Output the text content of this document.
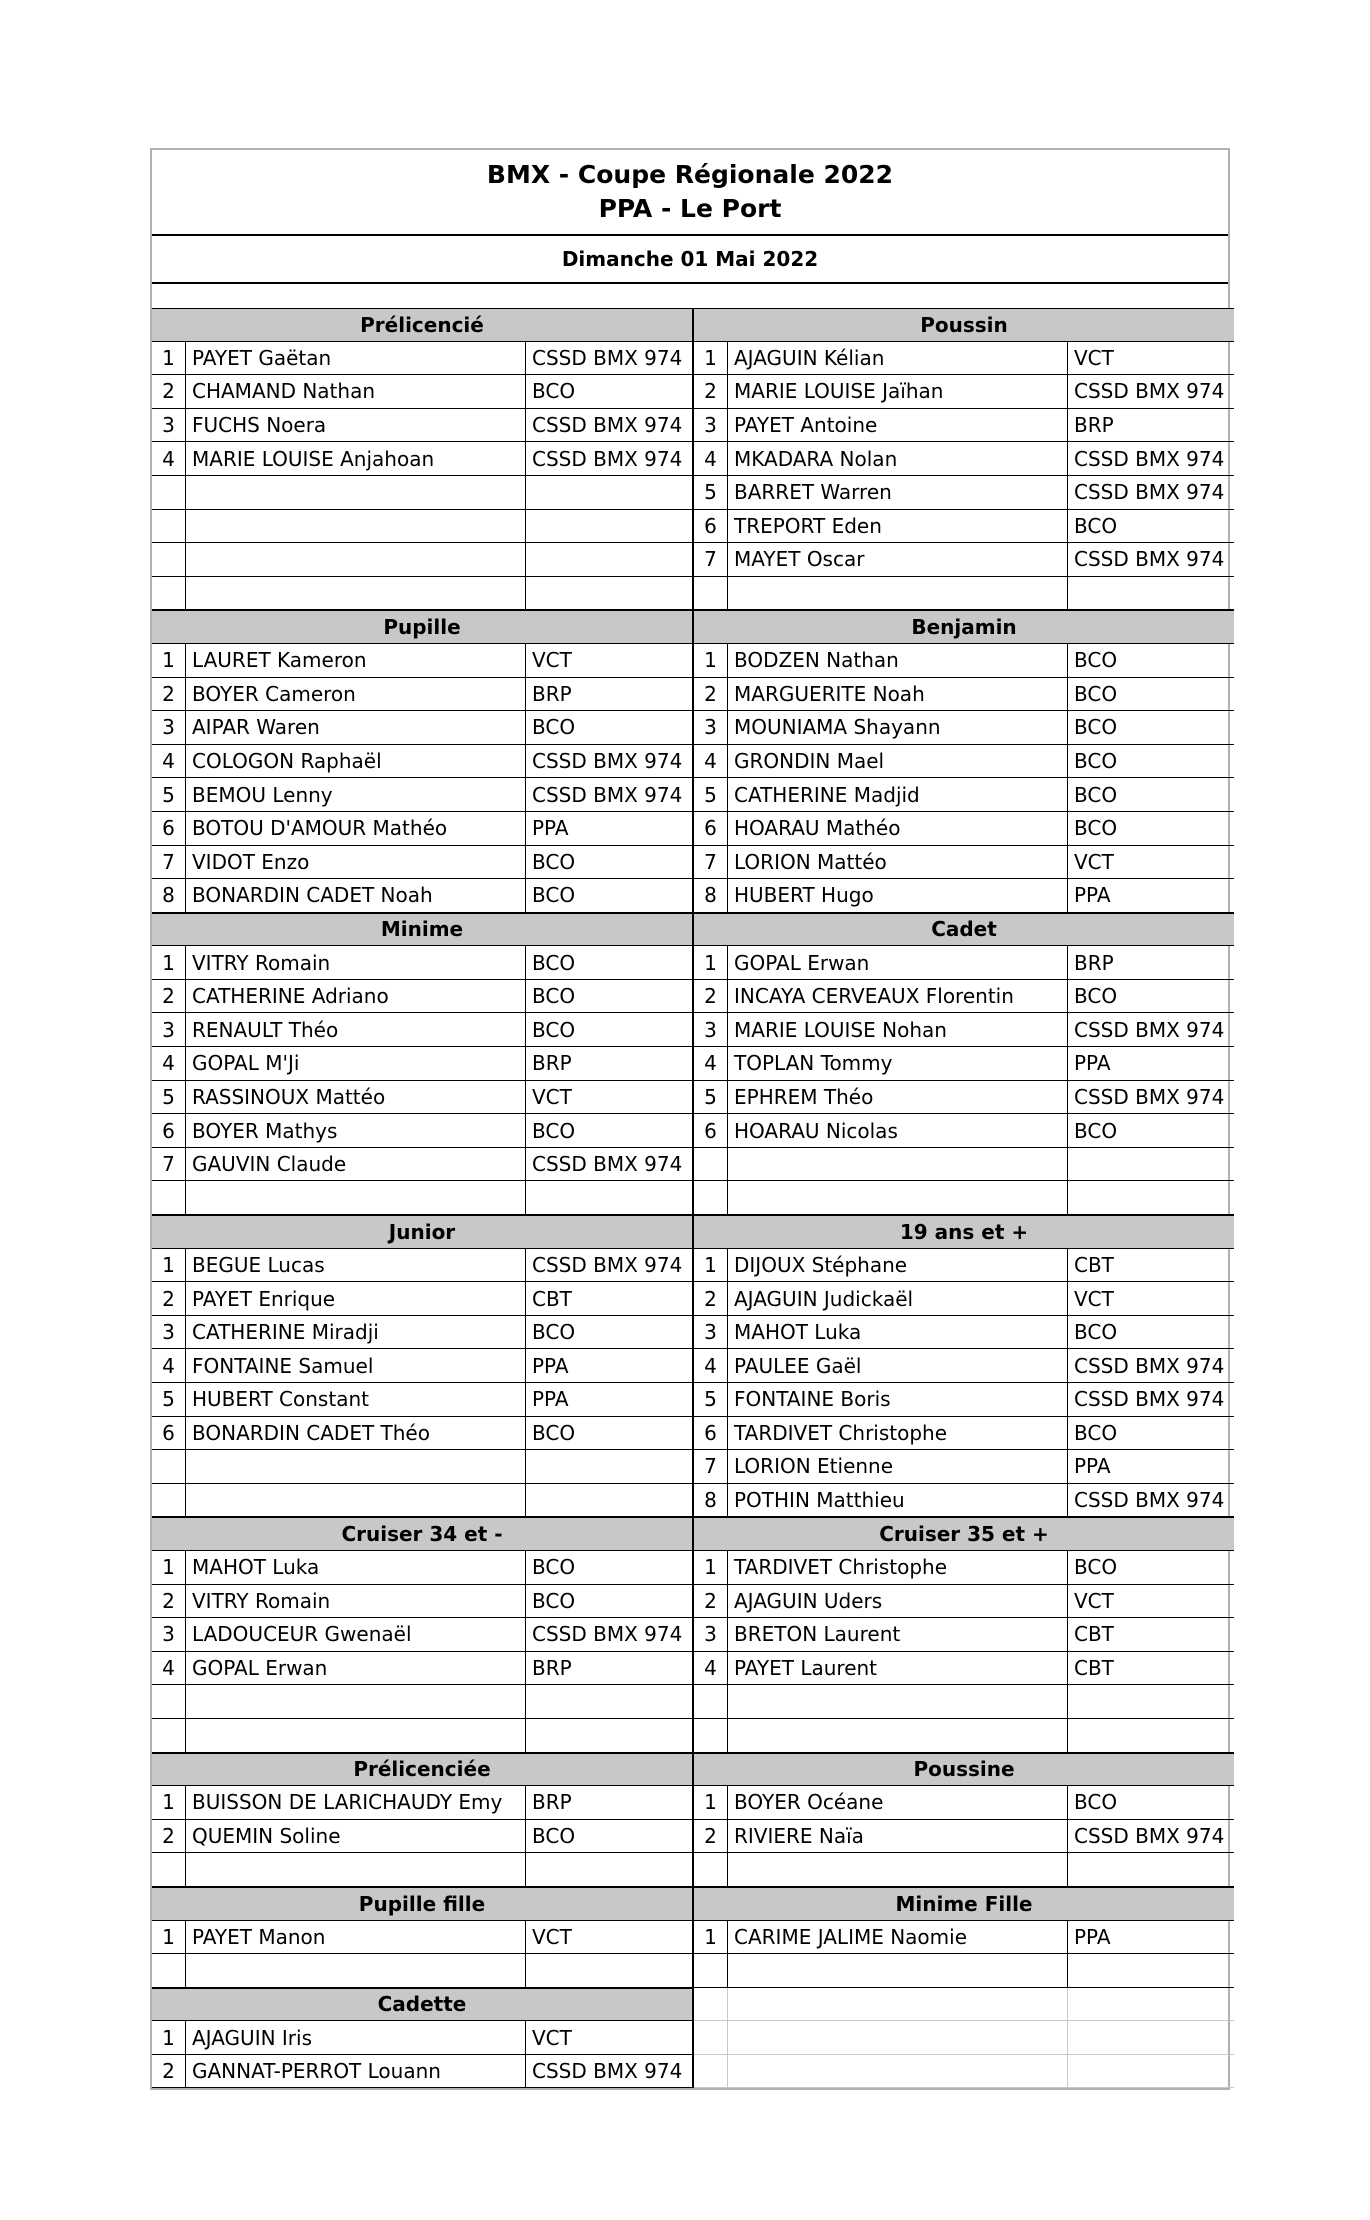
BMX - Coupe Régionale 2022
PPA - Le Port
Dimanche 01 Mai 2022
Prélicencié
1 PAYET Gaëtan	CSSD BMX 974
2 CHAMAND Nathan	BCO
3 FUCHS Noera	CSSD BMX 974
4 MARIE LOUISE Anjahoan	CSSD BMX 974
Pupille
1 LAURET Kameron	VCT
2 BOYER Cameron	BRP
3 AIPAR Waren	BCO
4 COLOGON Raphaël	CSSD BMX 974
5 BEMOU Lenny	CSSD BMX 974
6 BOTOU D'AMOUR Mathéo	PPA
7 VIDOT Enzo	BCO
8 BONARDIN CADET Noah	BCO
Minime
1 VITRY Romain	BCO
2 CATHERINE Adriano	BCO
3 RENAULT Théo	BCO
4 GOPAL M'Ji	BRP
5 RASSINOUX Mattéo	VCT
6 BOYER Mathys	BCO
7 GAUVIN Claude	CSSD BMX 974
Junior
1 BEGUE Lucas	CSSD BMX 974
2 PAYET Enrique	CBT
3 CATHERINE Miradji	BCO
4 FONTAINE Samuel	PPA
5 HUBERT Constant	PPA
6 BONARDIN CADET Théo	BCO
Cruiser 34 et -
1 MAHOT Luka	BCO
2 VITRY Romain	BCO
3 LADOUCEUR Gwenaël	CSSD BMX 974
4 GOPAL Erwan	BRP
Prélicenciée
1 BUISSON DE LARICHAUDY Emy	BRP
2 QUEMIN Soline	BCO
Pupille fille
1 PAYET Manon	VCT
Cadette
1 AJAGUIN Iris	VCT
2 GANNAT-PERROT Louann	CSSD BMX 974
Poussin
1 AJAGUIN Kélian	VCT
2 MARIE LOUISE Jaïhan	CSSD BMX 974
3 PAYET Antoine	BRP
4 MKADARA Nolan	CSSD BMX 974
5 BARRET Warren	CSSD BMX 974
6 TREPORT Eden	BCO
7 MAYET Oscar	CSSD BMX 974
Benjamin
1 BODZEN Nathan	BCO
2 MARGUERITE Noah	BCO
3 MOUNIAMA Shayann	BCO
4 GRONDIN Mael	BCO
5 CATHERINE Madjid	BCO
6 HOARAU Mathéo	BCO
7 LORION Mattéo	VCT
8 HUBERT Hugo	PPA
Cadet
1 GOPAL Erwan	BRP
2 INCAYA CERVEAUX Florentin	BCO
3 MARIE LOUISE Nohan	CSSD BMX 974
4 TOPLAN Tommy	PPA
5 EPHREM Théo	CSSD BMX 974
6 HOARAU Nicolas	BCO
19 ans et +
1 DIJOUX Stéphane	CBT
2 AJAGUIN Judickaël	VCT
3 MAHOT Luka	BCO
4 PAULEE Gaël	CSSD BMX 974
5 FONTAINE Boris	CSSD BMX 974
6 TARDIVET Christophe	BCO
7 LORION Etienne	PPA
8 POTHIN Matthieu	CSSD BMX 974
Cruiser 35 et +
1 TARDIVET Christophe	BCO
2 AJAGUIN Uders	VCT
3 BRETON Laurent	CBT
4 PAYET Laurent	CBT
Poussine
1 BOYER Océane	BCO
2 RIVIERE Naïa	CSSD BMX 974
Minime Fille
1 CARIME JALIME Naomie	PPA
